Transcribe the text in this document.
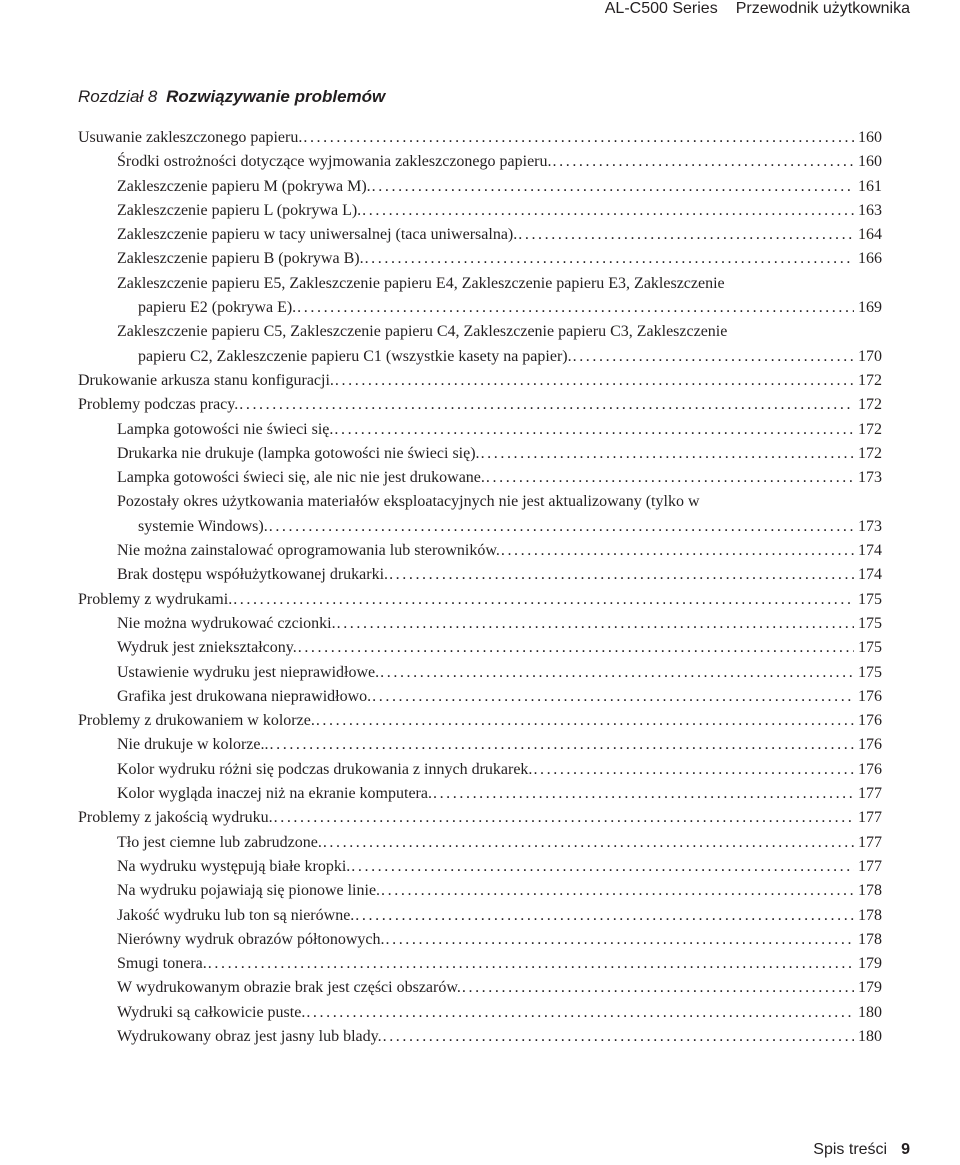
AL-C500 Series Przewodnik użytkownika
Rozdział 8 Rozwiązywanie problemów
Usuwanie zakleszczonego papieru. .....	160
Środki ostrożności dotyczące wyjmowania zakleszczonego papieru. .....	160
Zakleszczenie papieru M (pokrywa M). .....	161
Zakleszczenie papieru L (pokrywa L). .....	163
Zakleszczenie papieru w tacy uniwersalnej (taca uniwersalna). .....	164
Zakleszczenie papieru B (pokrywa B). .....	166
Zakleszczenie papieru E5, Zakleszczenie papieru E4, Zakleszczenie papieru E3, Zakleszczenie
papieru E2 (pokrywa E). .....	169
Zakleszczenie papieru C5, Zakleszczenie papieru C4, Zakleszczenie papieru C3, Zakleszczenie
papieru C2, Zakleszczenie papieru C1 (wszystkie kasety na papier). .....	170
Drukowanie arkusza stanu konfiguracji. .....	172
Problemy podczas pracy. .....	172
Lampka gotowości nie świeci się. .....	172
Drukarka nie drukuje (lampka gotowości nie świeci się). .....	172
Lampka gotowości świeci się, ale nic nie jest drukowane. .....	173
Pozostały okres użytkowania materiałów eksploatacyjnych nie jest aktualizowany (tylko w
systemie Windows). .....	173
Nie można zainstalować oprogramowania lub sterowników. .....	174
Brak dostępu współużytkowanej drukarki. .....	174
Problemy z wydrukami. .....	175
Nie można wydrukować czcionki. .....	175
Wydruk jest zniekształcony. .....	175
Ustawienie wydruku jest nieprawidłowe. .....	175
Grafika jest drukowana nieprawidłowo. .....	176
Problemy z drukowaniem w kolorze. .....	176
Nie drukuje w kolorze.. .....	176
Kolor wydruku różni się podczas drukowania z innych drukarek. .....	176
Kolor wygląda inaczej niż na ekranie komputera. .....	177
Problemy z jakością wydruku. .....	177
Tło jest ciemne lub zabrudzone. .....	177
Na wydruku występują białe kropki. .....	177
Na wydruku pojawiają się pionowe linie. .....	178
Jakość wydruku lub ton są nierówne. .....	178
Nierówny wydruk obrazów półtonowych. .....	178
Smugi tonera. .....	179
W wydrukowanym obrazie brak jest części obszarów. .....	179
Wydruki są całkowicie puste. .....	180
Wydrukowany obraz jest jasny lub blady. .....	180
Spis treści 9
